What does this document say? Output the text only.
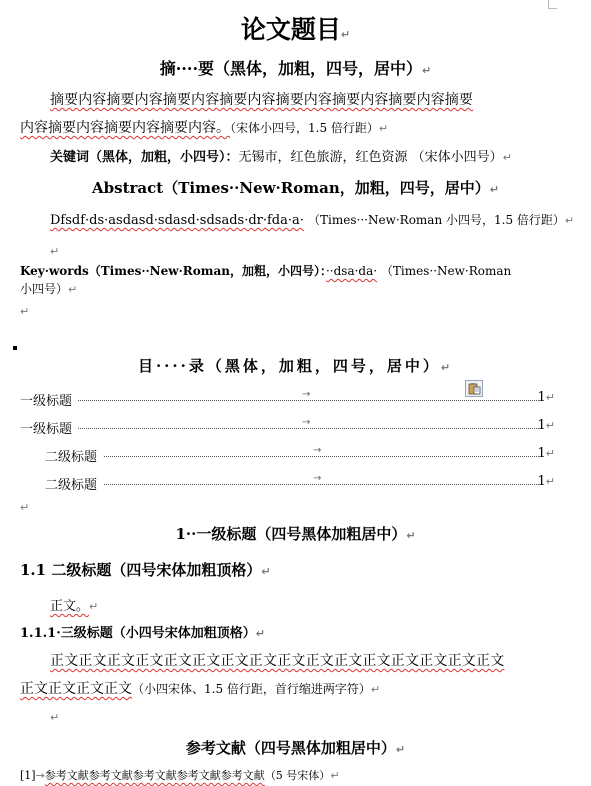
论文题目↵
摘····要（黑体，加粗，四号，居中）↵
摘要内容摘要内容摘要内容摘要内容摘要内容摘要内容摘要内容摘要
内容摘要内容摘要内容摘要内容。（宋体小四号，1.5 倍行距）↵
关键词（黑体，加粗，小四号）：无锡市，红色旅游，红色资源 （宋体小四号）↵
Abstract（Times··New·Roman，加粗，四号，居中）↵
Dfsdf·ds·asdasd·sdasd·sdsads·dr·fda·a· （Times···New·Roman 小四号，1.5 倍行距）↵
↵
Key·words（Times··New·Roman，加粗，小四号）：··dsa·da· （Times··New·Roman
小四号）↵
↵
目····录（黑体，加粗，四号，居中）↵
一级标题	→	1↵
一级标题	→	1↵
二级标题	→	1↵
二级标题	→	1↵
↵
1··一级标题（四号黑体加粗居中）↵
1.1 二级标题（四号宋体加粗顶格）↵
正文。↵
1.1.1·三级标题（小四号宋体加粗顶格）↵
正文正文正文正文正文正文正文正文正文正文正文正文正文正文正文正文
正文正文正文正文（小四宋体、1.5 倍行距，首行缩进两字符）↵
↵
参考文献（四号黑体加粗居中）↵
[1]→参考文献参考文献参考文献参考文献参考文献（5 号宋体）↵
